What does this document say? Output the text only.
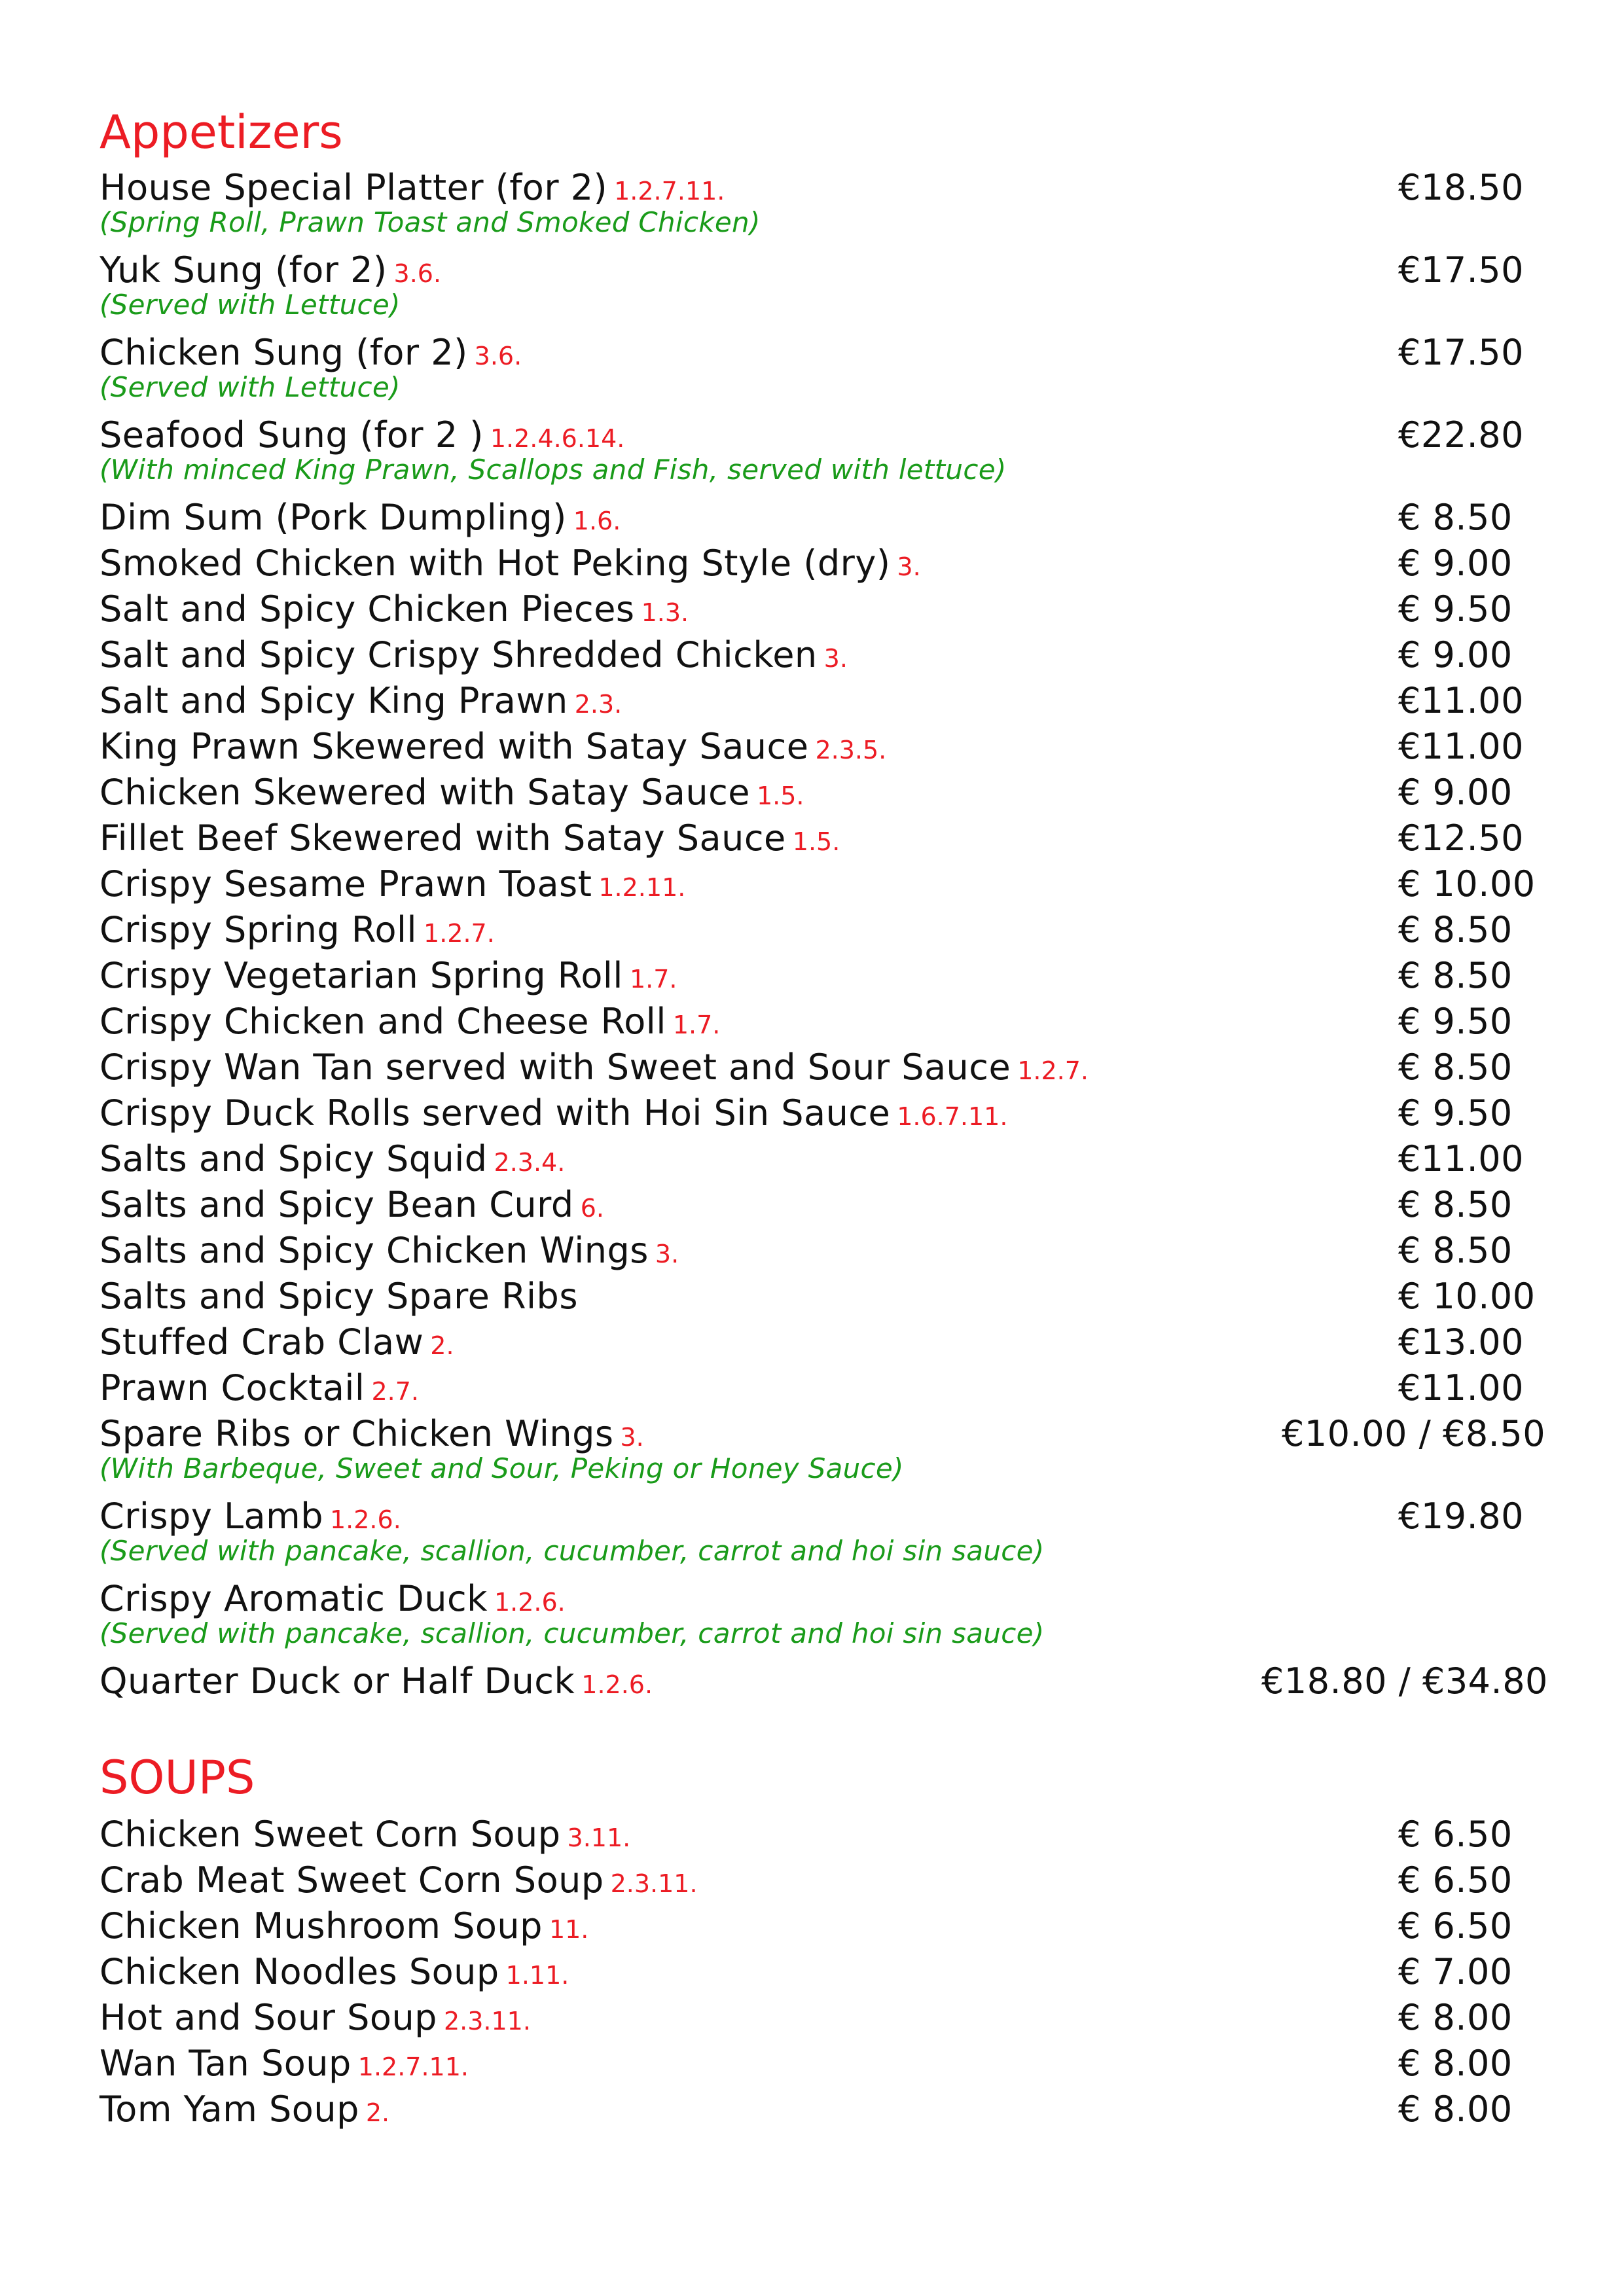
Appetizers
House Special Platter (for 2) 1.2.7.11.	€18.50
(Spring Roll, Prawn Toast and Smoked Chicken)
Yuk Sung (for 2) 3.6.	€17.50
(Served with Lettuce)
Chicken Sung (for 2) 3.6.	€17.50
(Served with Lettuce)
Seafood Sung (for 2 ) 1.2.4.6.14.	€22.80
(With minced King Prawn, Scallops and Fish, served with lettuce)
Dim Sum (Pork Dumpling) 1.6.	€ 8.50
Smoked Chicken with Hot Peking Style (dry) 3.	€ 9.00
Salt and Spicy Chicken Pieces 1.3.	€ 9.50
Salt and Spicy Crispy Shredded Chicken 3.	€ 9.00
Salt and Spicy King Prawn 2.3.	€11.00
King Prawn Skewered with Satay Sauce 2.3.5.	€11.00
Chicken Skewered with Satay Sauce 1.5.	€ 9.00
Fillet Beef Skewered with Satay Sauce 1.5.	€12.50
Crispy Sesame Prawn Toast 1.2.11.	€ 10.00
Crispy Spring Roll 1.2.7.	€ 8.50
Crispy Vegetarian Spring Roll 1.7.	€ 8.50
Crispy Chicken and Cheese Roll 1.7.	€ 9.50
Crispy Wan Tan served with Sweet and Sour Sauce 1.2.7.	€ 8.50
Crispy Duck Rolls served with Hoi Sin Sauce 1.6.7.11.	€ 9.50
Salts and Spicy Squid 2.3.4.	€11.00
Salts and Spicy Bean Curd 6.	€ 8.50
Salts and Spicy Chicken Wings 3.	€ 8.50
Salts and Spicy Spare Ribs	€ 10.00
Stuffed Crab Claw 2.	€13.00
Prawn Cocktail 2.7.	€11.00
Spare Ribs or Chicken Wings 3.	€10.00 / €8.50
(With Barbeque, Sweet and Sour, Peking or Honey Sauce)
Crispy Lamb 1.2.6.	€19.80
(Served with pancake, scallion, cucumber, carrot and hoi sin sauce)
Crispy Aromatic Duck 1.2.6.
(Served with pancake, scallion, cucumber, carrot and hoi sin sauce)
Quarter Duck or Half Duck 1.2.6.	€18.80 / €34.80
SOUPS
Chicken Sweet Corn Soup 3.11.	€ 6.50
Crab Meat Sweet Corn Soup 2.3.11.	€ 6.50
Chicken Mushroom Soup 11.	€ 6.50
Chicken Noodles Soup 1.11.	€ 7.00
Hot and Sour Soup 2.3.11.	€ 8.00
Wan Tan Soup 1.2.7.11.	€ 8.00
Tom Yam Soup 2.	€ 8.00
